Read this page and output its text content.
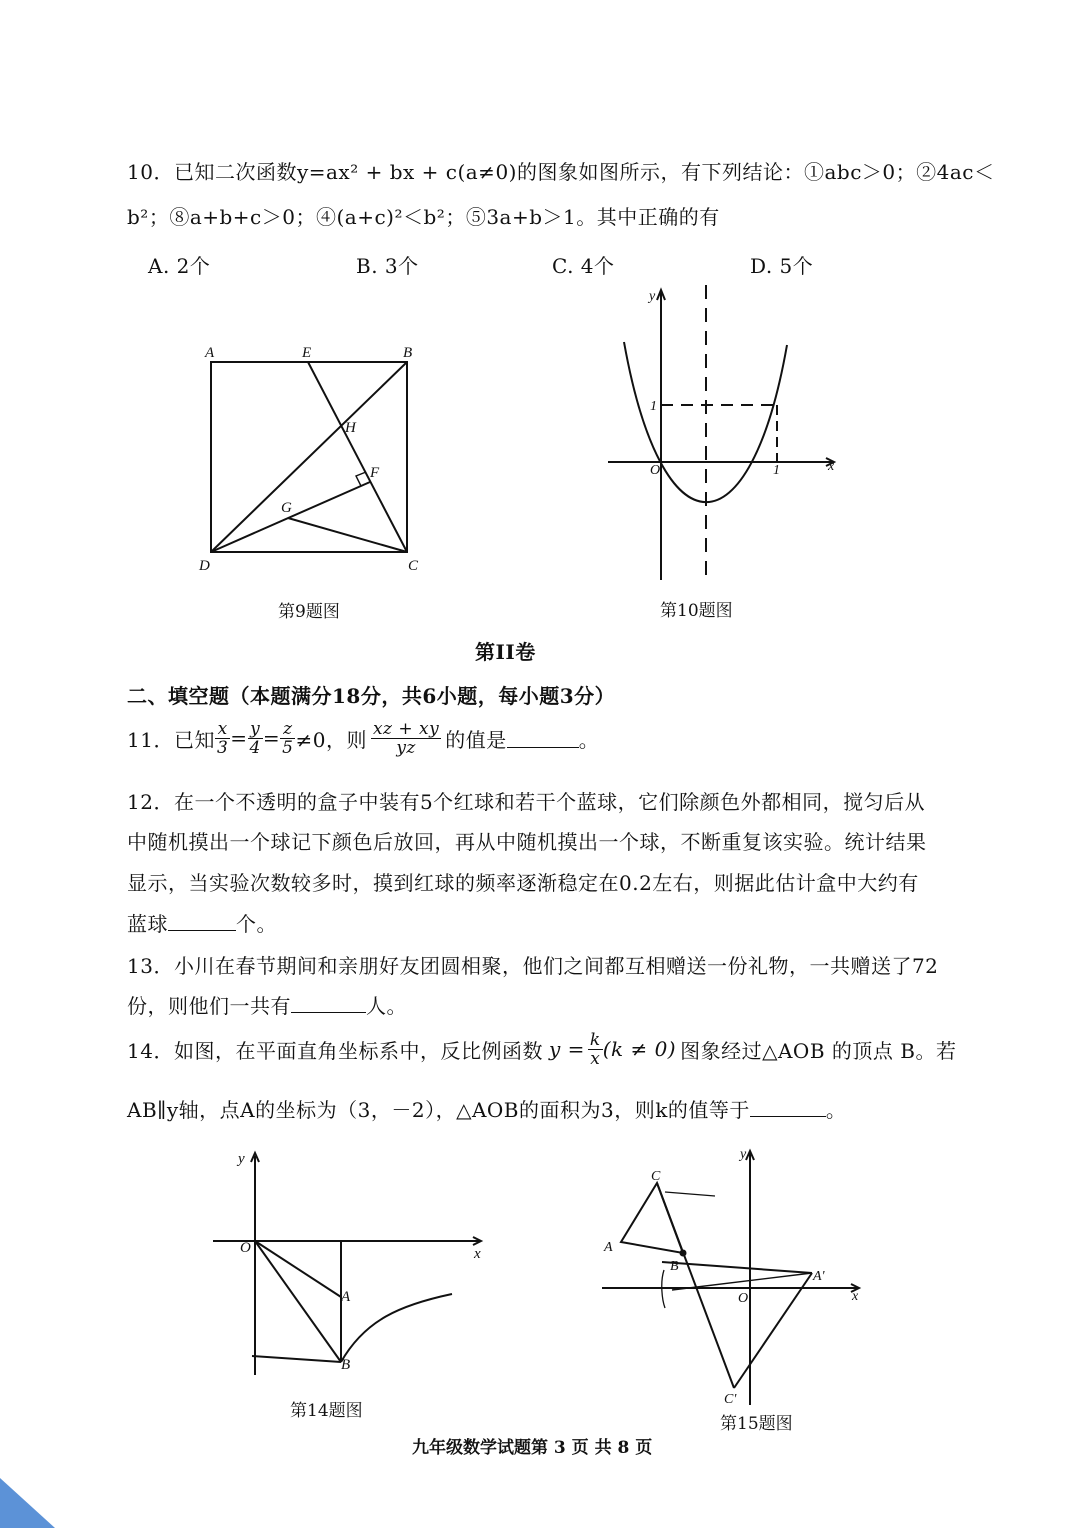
10．已知二次函数y=ax² + bx + c(a≠0)的图象如图所示，有下列结论：①abc＞0；②4ac＜
b²；⑧a+b+c＞0；④(a+c)²＜b²；⑤3a+b＞1。其中正确的有
A. 2个	B. 3个	C. 4个	D. 5个
A	E	B
H
F
G
D	C
第9题图
y
1
O	1	x
第10题图
第II卷
二、填空题（本题满分18分，共6小题，每小题3分）
11．已知 $\frac{x}{3} = \frac{y}{4} = \frac{z}{5} \ne 0$，则 $\frac{xz + xy}{yz}$ 的值是	。
12．在一个不透明的盒子中装有5个红球和若干个蓝球，它们除颜色外都相同，搅匀后从
中随机摸出一个球记下颜色后放回，再从中随机摸出一个球，不断重复该实验。统计结果
显示，当实验次数较多时，摸到红球的频率逐渐稳定在0.2左右，则据此估计盒中大约有
蓝球	个。
13．小川在春节期间和亲朋好友团圆相聚，他们之间都互相赠送一份礼物，一共赠送了72
份，则他们一共有	人。
14．如图，在平面直角坐标系中，反比例函数 $y = \frac{k}{x} (k \ne 0)$ 图象经过△AOB 的顶点 B。若
AB∥y轴，点A的坐标为（3，－2），△AOB的面积为3，则k的值等于	。
y
O	x
A
B
第14题图
y
C
A
B
A'
O	x
C'
第15题图
九年级数学试题第 3 页 共 8 页
